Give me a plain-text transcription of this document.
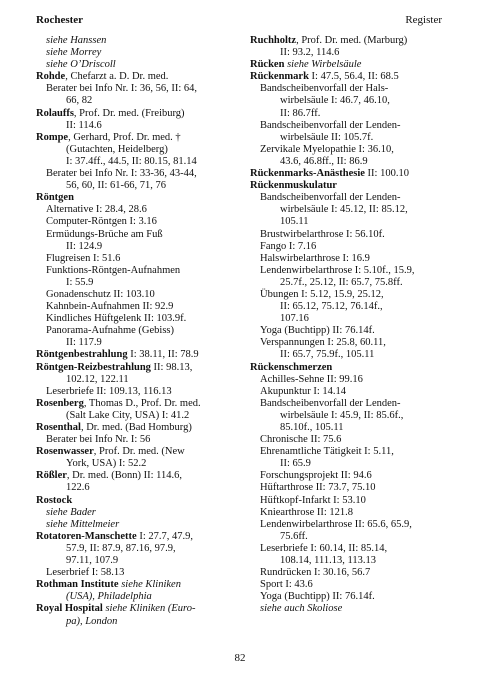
Rochester	Register
siehe Hanssen
siehe Morrey
siehe O’Driscoll
Rohde, Chefarzt a. D. Dr. med.
Berater bei Info Nr. I: 36, 56, II: 64,
66, 82
Rolauffs, Prof. Dr. med. (Freiburg)
II: 114.6
Rompe, Gerhard, Prof. Dr. med. †
(Gutachten, Heidelberg)
I: 37.4ff., 44.5, II: 80.15, 81.14
Berater bei Info Nr. I: 33-36, 43-44,
56, 60, II: 61-66, 71, 76
Röntgen
Alternative I: 28.4, 28.6
Computer-Röntgen I: 3.16
Ermüdungs-Brüche am Fuß
II: 124.9
Flugreisen I: 51.6
Funktions-Röntgen-Aufnahmen
I: 55.9
Gonadenschutz II: 103.10
Kahnbein-Aufnahmen II: 92.9
Kindliches Hüftgelenk II: 103.9f.
Panorama-Aufnahme (Gebiss)
II: 117.9
Röntgenbestrahlung I: 38.11, II: 78.9
Röntgen-Reizbestrahlung II: 98.13,
102.12, 122.11
Leserbriefe II: 109.13, 116.13
Rosenberg, Thomas D., Prof. Dr. med.
(Salt Lake City, USA) I: 41.2
Rosenthal, Dr. med. (Bad Homburg)
Berater bei Info Nr. I: 56
Rosenwasser, Prof. Dr. med. (New
York, USA) I: 52.2
Rößler, Dr. med. (Bonn) II: 114.6,
122.6
Rostock
siehe Bader
siehe Mittelmeier
Rotatoren-Manschette I: 27.7, 47.9,
57.9, II: 87.9, 87.16, 97.9,
97.11, 107.9
Leserbrief I: 58.13
Rothman Institute siehe Kliniken
(USA), Philadelphia
Royal Hospital siehe Kliniken (Euro-
pa), London
Ruchholtz, Prof. Dr. med. (Marburg)
II: 93.2, 114.6
Rücken siehe Wirbelsäule
Rückenmark I: 47.5, 56.4, II: 68.5
Bandscheibenvorfall der Hals-
wirbelsäule I: 46.7, 46.10,
II: 86.7ff.
Bandscheibenvorfall der Lenden-
wirbelsäule II: 105.7f.
Zervikale Myelopathie I: 36.10,
43.6, 46.8ff., II: 86.9
Rückenmarks-Anästhesie II: 100.10
Rückenmuskulatur
Bandscheibenvorfall der Lenden-
wirbelsäule I: 45.12, II: 85.12,
105.11
Brustwirbelarthrose I: 56.10f.
Fango I: 7.16
Halswirbelarthrose I: 16.9
Lendenwirbelarthrose I: 5.10f., 15.9,
25.7f., 25.12, II: 65.7, 75.8ff.
Übungen I: 5.12, 15.9, 25.12,
II: 65.12, 75.12, 76.14f.,
107.16
Yoga (Buchtipp) II: 76.14f.
Verspannungen I: 25.8, 60.11,
II: 65.7, 75.9f., 105.11
Rückenschmerzen
Achilles-Sehne II: 99.16
Akupunktur I: 14.14
Bandscheibenvorfall der Lenden-
wirbelsäule I: 45.9, II: 85.6f.,
85.10f., 105.11
Chronische II: 75.6
Ehrenamtliche Tätigkeit I: 5.11,
II: 65.9
Forschungsprojekt II: 94.6
Hüftarthrose II: 73.7, 75.10
Hüftkopf-Infarkt I: 53.10
Kniearthrose II: 121.8
Lendenwirbelarthrose II: 65.6, 65.9,
75.6ff.
Leserbriefe I: 60.14, II: 85.14,
108.14, 111.13, 113.13
Rundrücken I: 30.16, 56.7
Sport I: 43.6
Yoga (Buchtipp) II: 76.14f.
siehe auch Skoliose
82
